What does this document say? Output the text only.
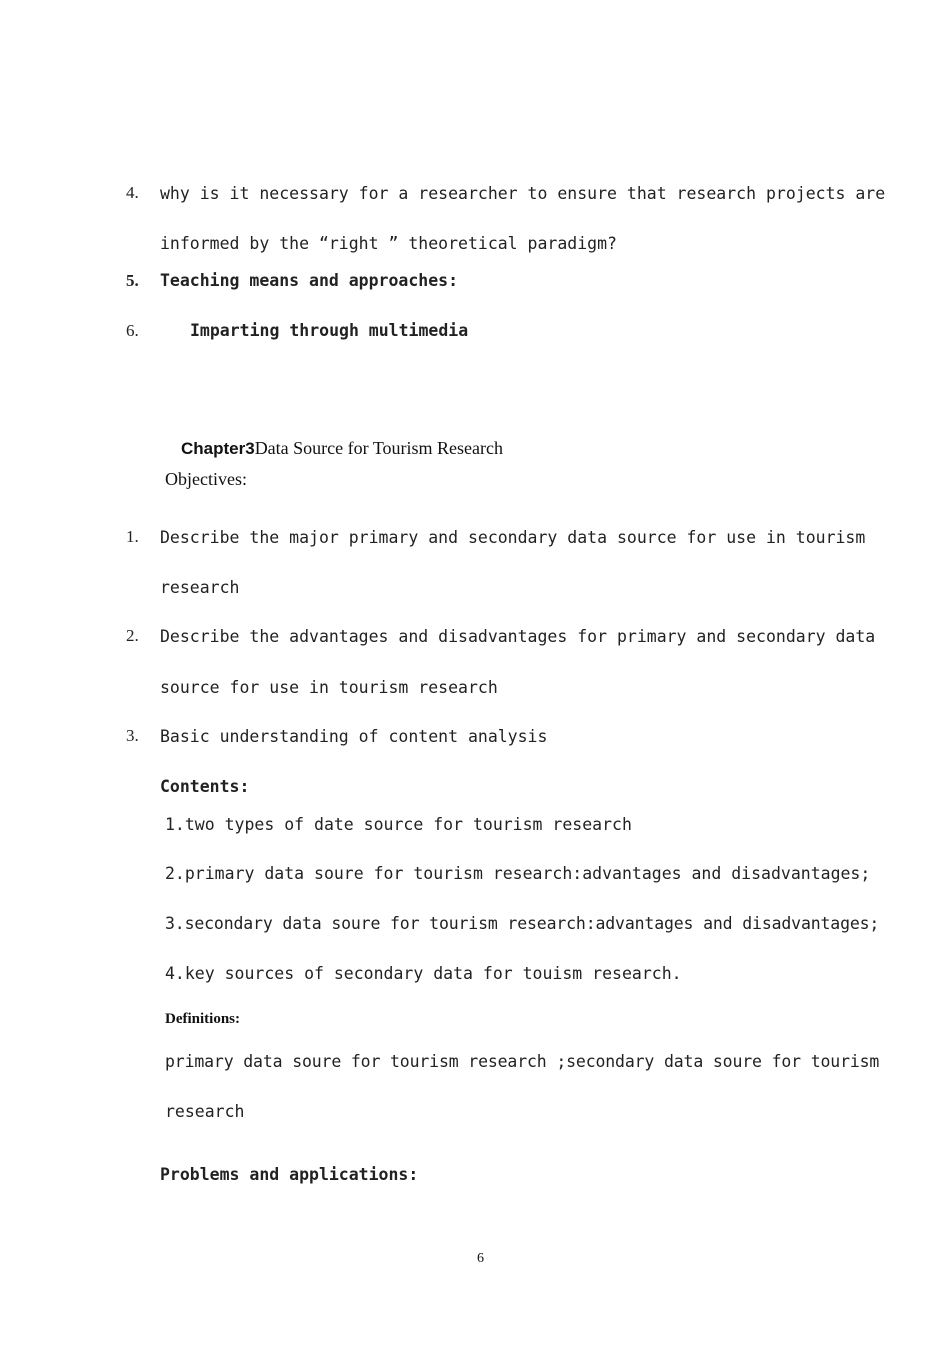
4. why is it necessary for a researcher to ensure that research projects are
informed by the “right ” theoretical paradigm?
5. Teaching means and approaches:
6.	Imparting through multimedia

Chapter3Data Source for Tourism Research

Objectives:
1. Describe the major primary and secondary data source for use in tourism
research
2. Describe the advantages and disadvantages for primary and secondary data
source for use in tourism research
3. Basic understanding of content analysis
Contents:
1.two types of date source for tourism research
2.primary data soure for tourism research:advantages and disadvantages;
3.secondary data soure for tourism research:advantages and disadvantages;
4.key sources of secondary data for touism research.
Definitions:
primary data soure for tourism research ;secondary data soure for tourism
research
Problems and applications:
6
